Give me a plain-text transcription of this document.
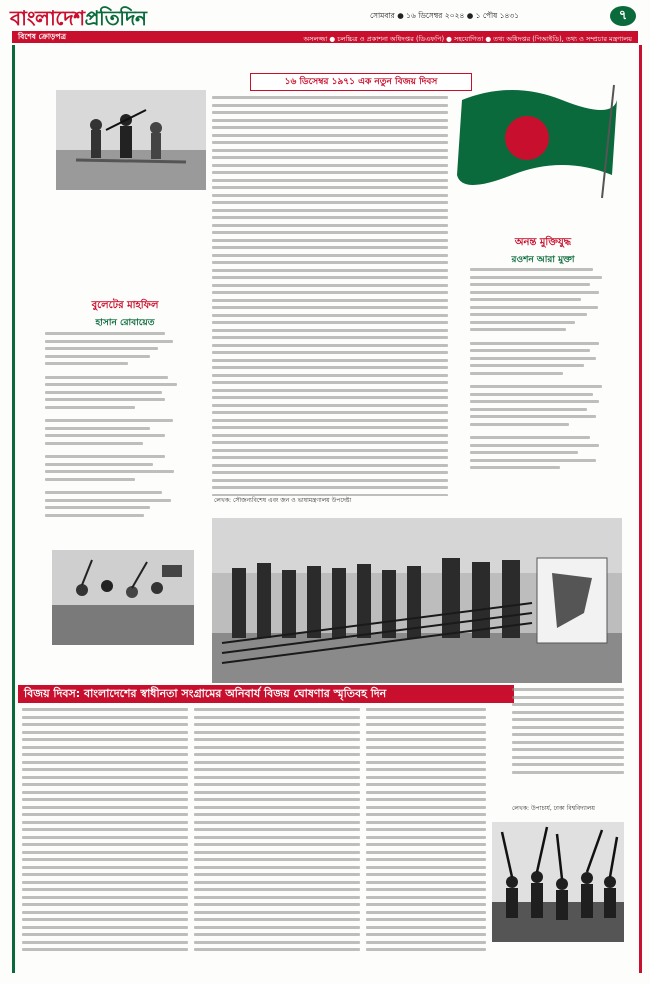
বাংলাদেশপ্রতিদিন	সোমবার ● ১৬ ডিসেম্বর ২০২৪ ● ১ পৌষ ১৪৩১	৭
বিশেষ ক্রোড়পত্র	অসলজ্জা ● চলচ্চিত্র ও প্রকাশনা অধিদপ্তর (ডিএফপি) ● সহযোগিতা ● তথ্য অধিদপ্তর (পিআইডি), তথ্য ও সম্প্রচার মন্ত্রণালয়
বুলেটের মাহফিল
হাসান রোবায়েত
১৬ ডিসেম্বর ১৯৭১ এক নতুন বিজয় দিবস
লেখক: সৌজন্যবিশেষ এবং জন ও ভাষামন্ত্রণালয় উপদেষ্টা
অনন্ত মুক্তিযুদ্ধ
রওশন আরা মুক্তা
বিজয় দিবস: বাংলাদেশের স্বাধীনতা সংগ্রামের অনিবার্য বিজয় ঘোষণার স্মৃতিবহ দিন
লেখক: উপাচার্য, ঢাকা বিশ্ববিদ্যালয়
